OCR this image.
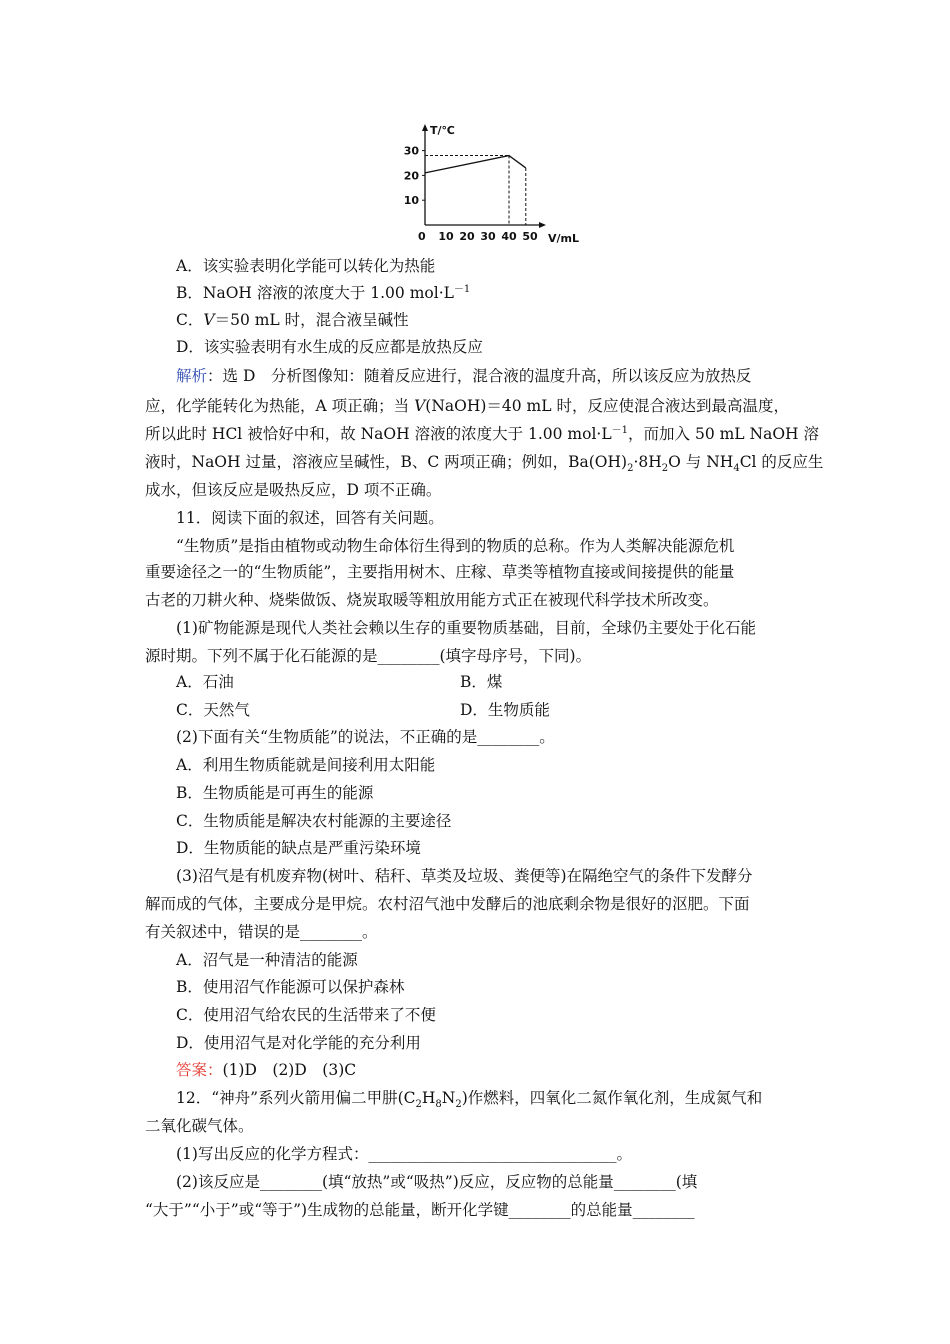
10 20 30 40 50
10
20
30
T/℃
V/mL
0
A．该实验表明化学能可以转化为热能
B．NaOH 溶液的浓度大于 1.00 $mol\cdot L^{-1}$
C．V＝50 mL 时，混合液呈碱性
D．该实验表明有水生成的反应都是放热反应
解析：选 D　分析图像知：随着反应进行，混合液的温度升高，所以该反应为放热反
应，化学能转化为热能，A 项正确；当 V(NaOH)＝40 mL 时，反应使混合液达到最高温度，
所以此时 HCl 被恰好中和，故 NaOH 溶液的浓度大于 1.00 $mol\cdot L^{-1}$，而加入 50 mL NaOH 溶
液时，NaOH 过量，溶液应呈碱性，B、C 两项正确；例如，$Ba(OH)_2\cdot 8H_2O$ 与 $NH_4Cl$ 的反应生
成水，但该反应是吸热反应，D 项不正确。
11．阅读下面的叙述，回答有关问题。
“生物质”是指由植物或动物生命体衍生得到的物质的总称。作为人类解决能源危机
重要途径之一的“生物质能”，主要指用树木、庄稼、草类等植物直接或间接提供的能量
古老的刀耕火种、烧柴做饭、烧炭取暖等粗放用能方式正在被现代科学技术所改变。
(1)矿物能源是现代人类社会赖以生存的重要物质基础，目前，全球仍主要处于化石能
源时期。下列不属于化石能源的是________(填字母序号，下同)。
A．石油	B．煤
C．天然气	D．生物质能
(2)下面有关“生物质能”的说法，不正确的是________。
A．利用生物质能就是间接利用太阳能
B．生物质能是可再生的能源
C．生物质能是解决农村能源的主要途径
D．生物质能的缺点是严重污染环境
(3)沼气是有机废弃物(树叶、秸秆、草类及垃圾、粪便等)在隔绝空气的条件下发酵分
解而成的气体，主要成分是甲烷。农村沼气池中发酵后的池底剩余物是很好的沤肥。下面
有关叙述中，错误的是________。
A．沼气是一种清洁的能源
B．使用沼气作能源可以保护森林
C．使用沼气给农民的生活带来了不便
D．使用沼气是对化学能的充分利用
答案：(1)D　(2)D　(3)C
12．“神舟”系列火箭用偏二甲肼$(C_2H_8N_2)$作燃料，四氧化二氮作氧化剂，生成氮气和
二氧化碳气体。
(1)写出反应的化学方程式：________________________________。
(2)该反应是________(填“放热”或“吸热”)反应，反应物的总能量________(填
“大于”“小于”或“等于”)生成物的总能量，断开化学键________的总能量________
